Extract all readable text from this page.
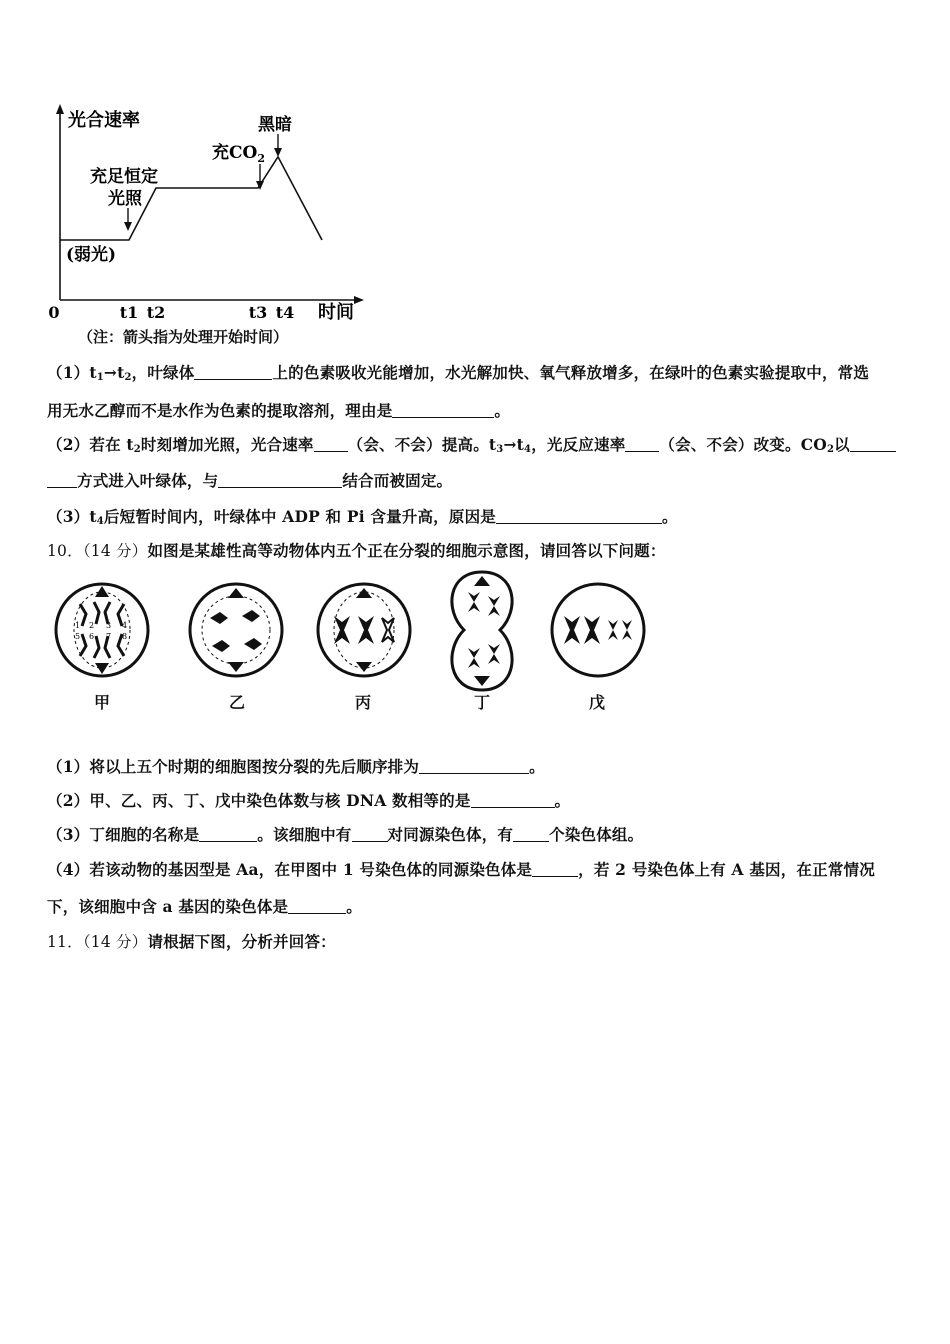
0	t1 t2	t3 t4 时间
光合速率
(弱光)
充足恒定
光照
充$CO_2$
黑暗
（注：箭头指为处理开始时间）
$(1)t_1\to t_2$，叶绿体	上的色素吸收光能增加，水光解加快、氧气释放增多，在绿叶的色素实验提取中，常选
用无水乙醇而不是水作为色素的提取溶剂，理由是	。
（2）若在 $t_2$时刻增加光照，光合速率 （会、不会）提高。$t_3\to t_4$，光反应速率 （会、不会）改变。$CO_2$以
方式进入叶绿体，与	结合而被固定。
$(3)t_4$后短暂时间内，叶绿体中 ADP 和 Pi 含量升高，原因是	。
10．（14 分）如图是某雄性高等动物体内五个正在分裂的细胞示意图，请回答以下问题：
1 2 3 4
5 6 7 8
甲	乙	丙	丁	戊
（1）将以上五个时期的细胞图按分裂的先后顺序排为	。
（2）甲、乙、丙、丁、戊中染色体数与核 DNA 数相等的是	。
（3）丁细胞的名称是	。该细胞中有 对同源染色体，有 个染色体组。
（4）若该动物的基因型是 Aa，在甲图中 1 号染色体的同源染色体是	，若 2 号染色体上有 A 基因，在正常情况
下，该细胞中含 a 基因的染色体是	。
11．（14 分）请根据下图，分析并回答：
